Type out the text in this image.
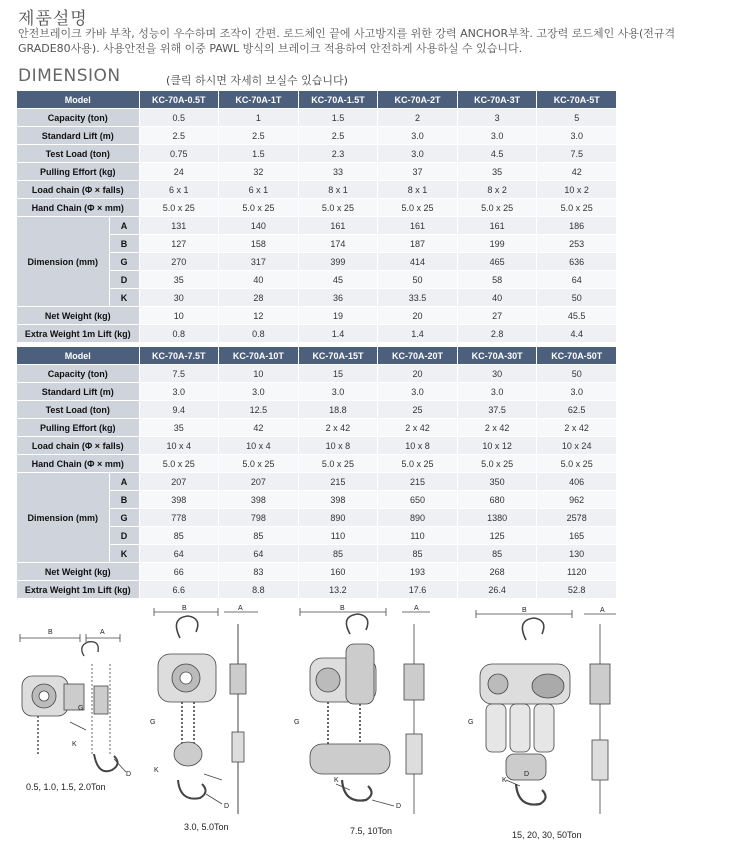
제품설명
안전브레이크 카바 부착, 성능이 우수하며 조작이 간편. 로드체인 끝에 사고방지를 위한 강력 ANCHOR부착. 고장력 로드체인 사용(전규격 GRADE80사용). 사용안전을 위해 이중 PAWL 방식의 브레이크 적용하여 안전하게 사용하실 수 있습니다.
DIMENSION	(클릭 하시면 자세히 보실수 있습니다)
Model		KC-70A-0.5T	KC-70A-1T	KC-70A-1.5T	KC-70A-2T	KC-70A-3T	KC-70A-5T
Capacity (ton)		0.5	1	1.5	2	3	5
Standard Lift (m)		2.5	2.5	2.5	3.0	3.0	3.0
Test Load (ton)		0.75	1.5	2.3	3.0	4.5	7.5
Pulling Effort (kg)		24	32	33	37	35	42
Load chain (Φ × falls)		6 x 1	6 x 1	8 x 1	8 x 1	8 x 2	10 x 2
Hand Chain (Φ × mm)		5.0 x 25	5.0 x 25	5.0 x 25	5.0 x 25	5.0 x 25	5.0 x 25
Dimension (mm)	A	131	140	161	161	161	186
	B	127	158	174	187	199	253
	G	270	317	399	414	465	636
	D	35	40	45	50	58	64
	K	30	28	36	33.5	40	50
Net Weight (kg)		10	12	19	20	27	45.5
Extra Weight 1m Lift (kg)		0.8	0.8	1.4	1.4	2.8	4.4
Model		KC-70A-7.5T	KC-70A-10T	KC-70A-15T	KC-70A-20T	KC-70A-30T	KC-70A-50T
Capacity (ton)		7.5	10	15	20	30	50
Standard Lift (m)		3.0	3.0	3.0	3.0	3.0	3.0
Test Load (ton)		9.4	12.5	18.8	25	37.5	62.5
Pulling Effort (kg)		35	42	2 x 42	2 x 42	2 x 42	2 x 42
Load chain (Φ × falls)		10 x 4	10 x 4	10 x 8	10 x 8	10 x 12	10 x 24
Hand Chain (Φ × mm)		5.0 x 25	5.0 x 25	5.0 x 25	5.0 x 25	5.0 x 25	5.0 x 25
Dimension (mm)	A	207	207	215	215	350	406
	B	398	398	398	650	680	962
	G	778	798	890	890	1380	2578
	D	85	85	110	110	125	165
	K	64	64	85	85	85	130
Net Weight (kg)		66	83	160	193	268	1120
Extra Weight 1m Lift (kg)		6.6	8.8	13.2	17.6	26.4	52.8
B	A
G
K
D
0.5, 1.0, 1.5, 2.0Ton
B	A
G
K
D
3.0, 5.0Ton
B	A
G
K
D
7.5, 10Ton
B	A
G
K
D
15, 20, 30, 50Ton
